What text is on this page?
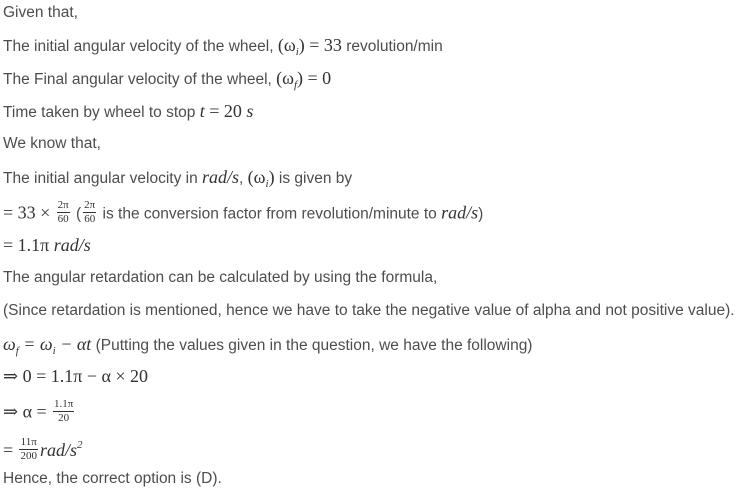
Given that,
The initial angular velocity of the wheel, $(\omega_i) = 33$ revolution/min
The Final angular velocity of the wheel, $(\omega_f) = 0$
Time taken by wheel to stop t = 20 s
We know that,
The initial angular velocity in rad/s, $(\omega_i)$ is given by
= $33 \times \frac{2\pi}{60}$ ( $\frac{2\pi}{60}$ is the conversion factor from revolution/minute to rad/s)
= 1.1π rad/s
The angular retardation can be calculated by using the formula,
(Since retardation is mentioned, hence we have to take the negative value of alpha and not positive value).
$\omega_f = \omega_i - \alpha t$ (Putting the values given in the question, we have the following)
⇒ 0 = 1.1π − α × 20
⇒ $\alpha = \frac{1.1\pi}{20}$
= $\frac{11\pi}{200} rad/s^2$
Hence, the correct option is (D).
